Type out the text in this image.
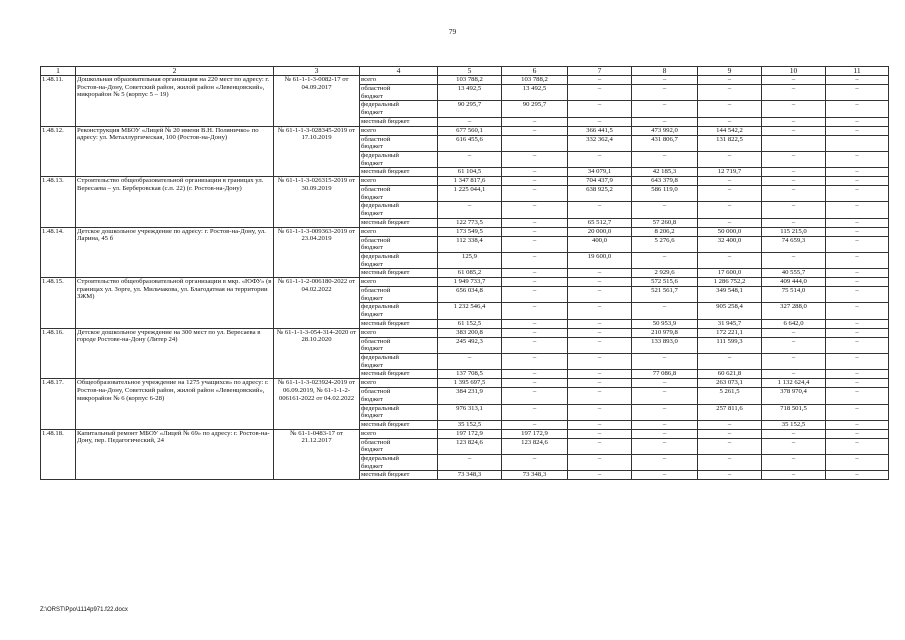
79
1	2	3	4	5	6	7	8	9	10	11
1.48.11.	Дошкольная образовательная организация на 220 мест по адресу: г. Ростов-на-Дону, Советский район, жилой район «Левенцовский», микрорайон № 5 (корпус 5 – 19)	№ 61-1-1-3-0082-17 от 04.09.2017	всего	103 788,2	103 788,2	–	–	–	–	–
			областной
бюджет	13 492,5	13 492,5	–	–	–	–	–
			федеральный
бюджет	90 295,7	90 295,7	–	–	–	–	–
			местный бюджет	–	–	–	–	–	–	–
1.48.12.	Реконструкция МБОУ «Лицей № 20 имени В.Н. Поляничко» по адресу: ул. Металлургическая, 100 (Ростов-на-Дону)	№ 61-1-1-3-028345-2019 от 17.10.2019	всего	677 560,1	–	366 441,5	473 992,0	144 542,2	–	–
			областной
бюджет	616 455,6		332 362,4	431 806,7	131 822,5		
			федеральный
бюджет	–	–	–	–	–	–	–
			местный бюджет	61 104,5	–	34 079,1	42 185,3	12 719,7	–	–
1.48.13.	Строительство общеобразовательной организации в границах ул. Вересаева – ул. Берберовская (с.п. 22) (г. Ростов-на-Дону)	№ 61-1-1-3-026315-2019 от 30.09.2019	всего	1 347 817,6	–	704 437,9	643 379,8	–	–	–
			областной
бюджет	1 225 044,1	–	638 925,2	586 119,0	–	–	–
			федеральный
бюджет	–	–	–	–	–	–	–
			местный бюджет	122 773,5	–	65 512,7	57 260,8	–	–	–
1.48.14.	Детское дошкольное учреждение по адресу: г. Ростов-на-Дону, ул. Ларина, 45 б	№ 61-1-1-3-009363-2019 от 23.04.2019	всего	173 549,5	–	20 000,0	8 206,2	50 000,0	115 215,0	–
			областной
бюджет	112 338,4	–	400,0	5 276,6	32 400,0	74 659,3	–
			федеральный
бюджет	125,9	–	19 600,0	–	–	–	–
			местный бюджет	61 085,2	–	–	2 929,6	17 600,0	40 555,7	–
1.48.15.	Строительство общеобразовательной организации в мкр. «ЮФУ» (в границах ул. Зорге, ул. Мильчакова, ул. Благодатная на территории ЗЖМ)	№ 61-1-1-2-006180-2022 от 04.02.2022	всего	1 949 733,7	–	–	572 515,6	1 286 752,2	409 444,0	–
			областной
бюджет	656 034,8	–	–	521 561,7	349 548,1	75 514,0	–
			федеральный
бюджет	1 232 546,4	–	–	–	905 258,4	327 288,0	–
			местный бюджет	61 152,5	–	–	50 953,9	31 945,7	6 642,0	–
1.48.16.	Детское дошкольное учреждение на 300 мест по ул. Вересаева в городе Ростове-на-Дону (Литер 24)	№ 61-1-1-3-054-314-2020 от 28.10.2020	всего	383 200,8	–	–	210 979,8	172 221,1	–	–
			областной
бюджет	245 492,3	–	–	133 893,0	111 599,3	–	–
			федеральный
бюджет	–	–	–	–	–	–	–
			местный бюджет	137 708,5	–	–	77 086,8	60 621,8	–	–
1.48.17.	Общеобразовательное учреждение на 1275 учащихся» по адресу: г. Ростов-на-Дону, Советский район, жилой район «Левенцовский», микрорайон № 6 (корпус 6-28)	№ 61-1-1-3-023924-2019 от 06.09.2019, № 61-1-1-2-006161-2022 от 04.02.2022	всего	1 395 697,5	–	–	–	263 073,1	1 132 624,4	–
			областной
бюджет	384 231,9	–	–	–	5 261,5	378 970,4	–
			федеральный
бюджет	976 313,1	–	–	–	257 811,6	718 501,5	–
			местный бюджет	35 152,5	–	–	–	–	35 152,5	–
1.48.18.	Капитальный ремонт МБОУ «Лицей № 69» по адресу: г. Ростов-на-Дону, пер. Педагогический, 24	№ 61-1-0483-17 от 21.12.2017	всего	197 172,9	197 172,9	–	–	–	–	–
			областной
бюджет	123 824,6	123 824,6	–	–	–	–	–
			федеральный
бюджет	–	–	–	–	–	–	–
			местный бюджет	73 348,3	73 348,3	–	–	–	–	–
Z:\ORST\Ppo\1114p971.f22.docx
